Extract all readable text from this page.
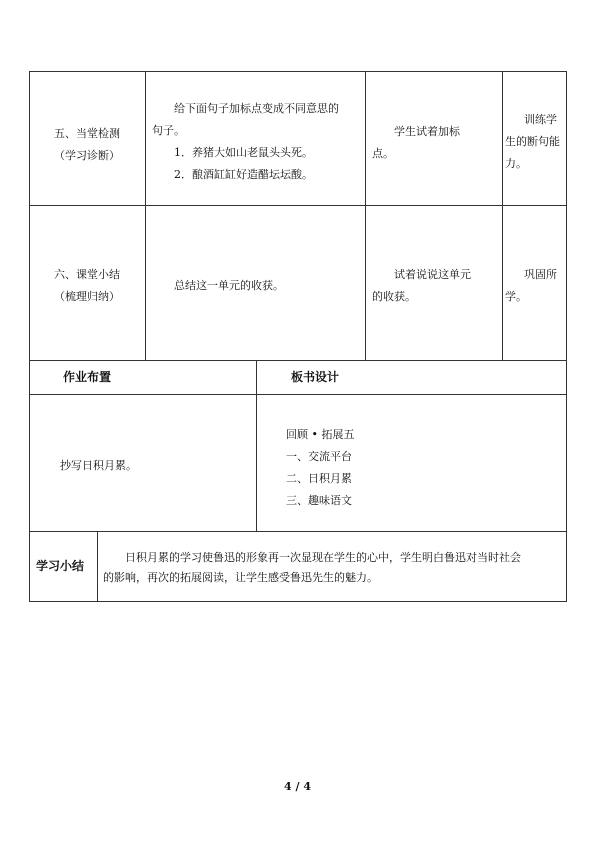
五、当堂检测
（学习诊断）
给下面句子加标点变成不同意思的
句子。
1．养猪大如山老鼠头头死。
2．酿酒缸缸好造醋坛坛酸。
学生试着加标
点。
训练学
生的断句能
力。
六、课堂小结
（梳理归纳）
总结这一单元的收获。
试着说说这单元
的收获。
巩固所
学。
作业布置	板书设计
抄写日积月累。
回顾 • 拓展五
一、交流平台
二、日积月累
三、趣味语文
学习小结
日积月累的学习使鲁迅的形象再一次显现在学生的心中，学生明白鲁迅对当时社会
的影响，再次的拓展阅读，让学生感受鲁迅先生的魅力。
4 / 4
